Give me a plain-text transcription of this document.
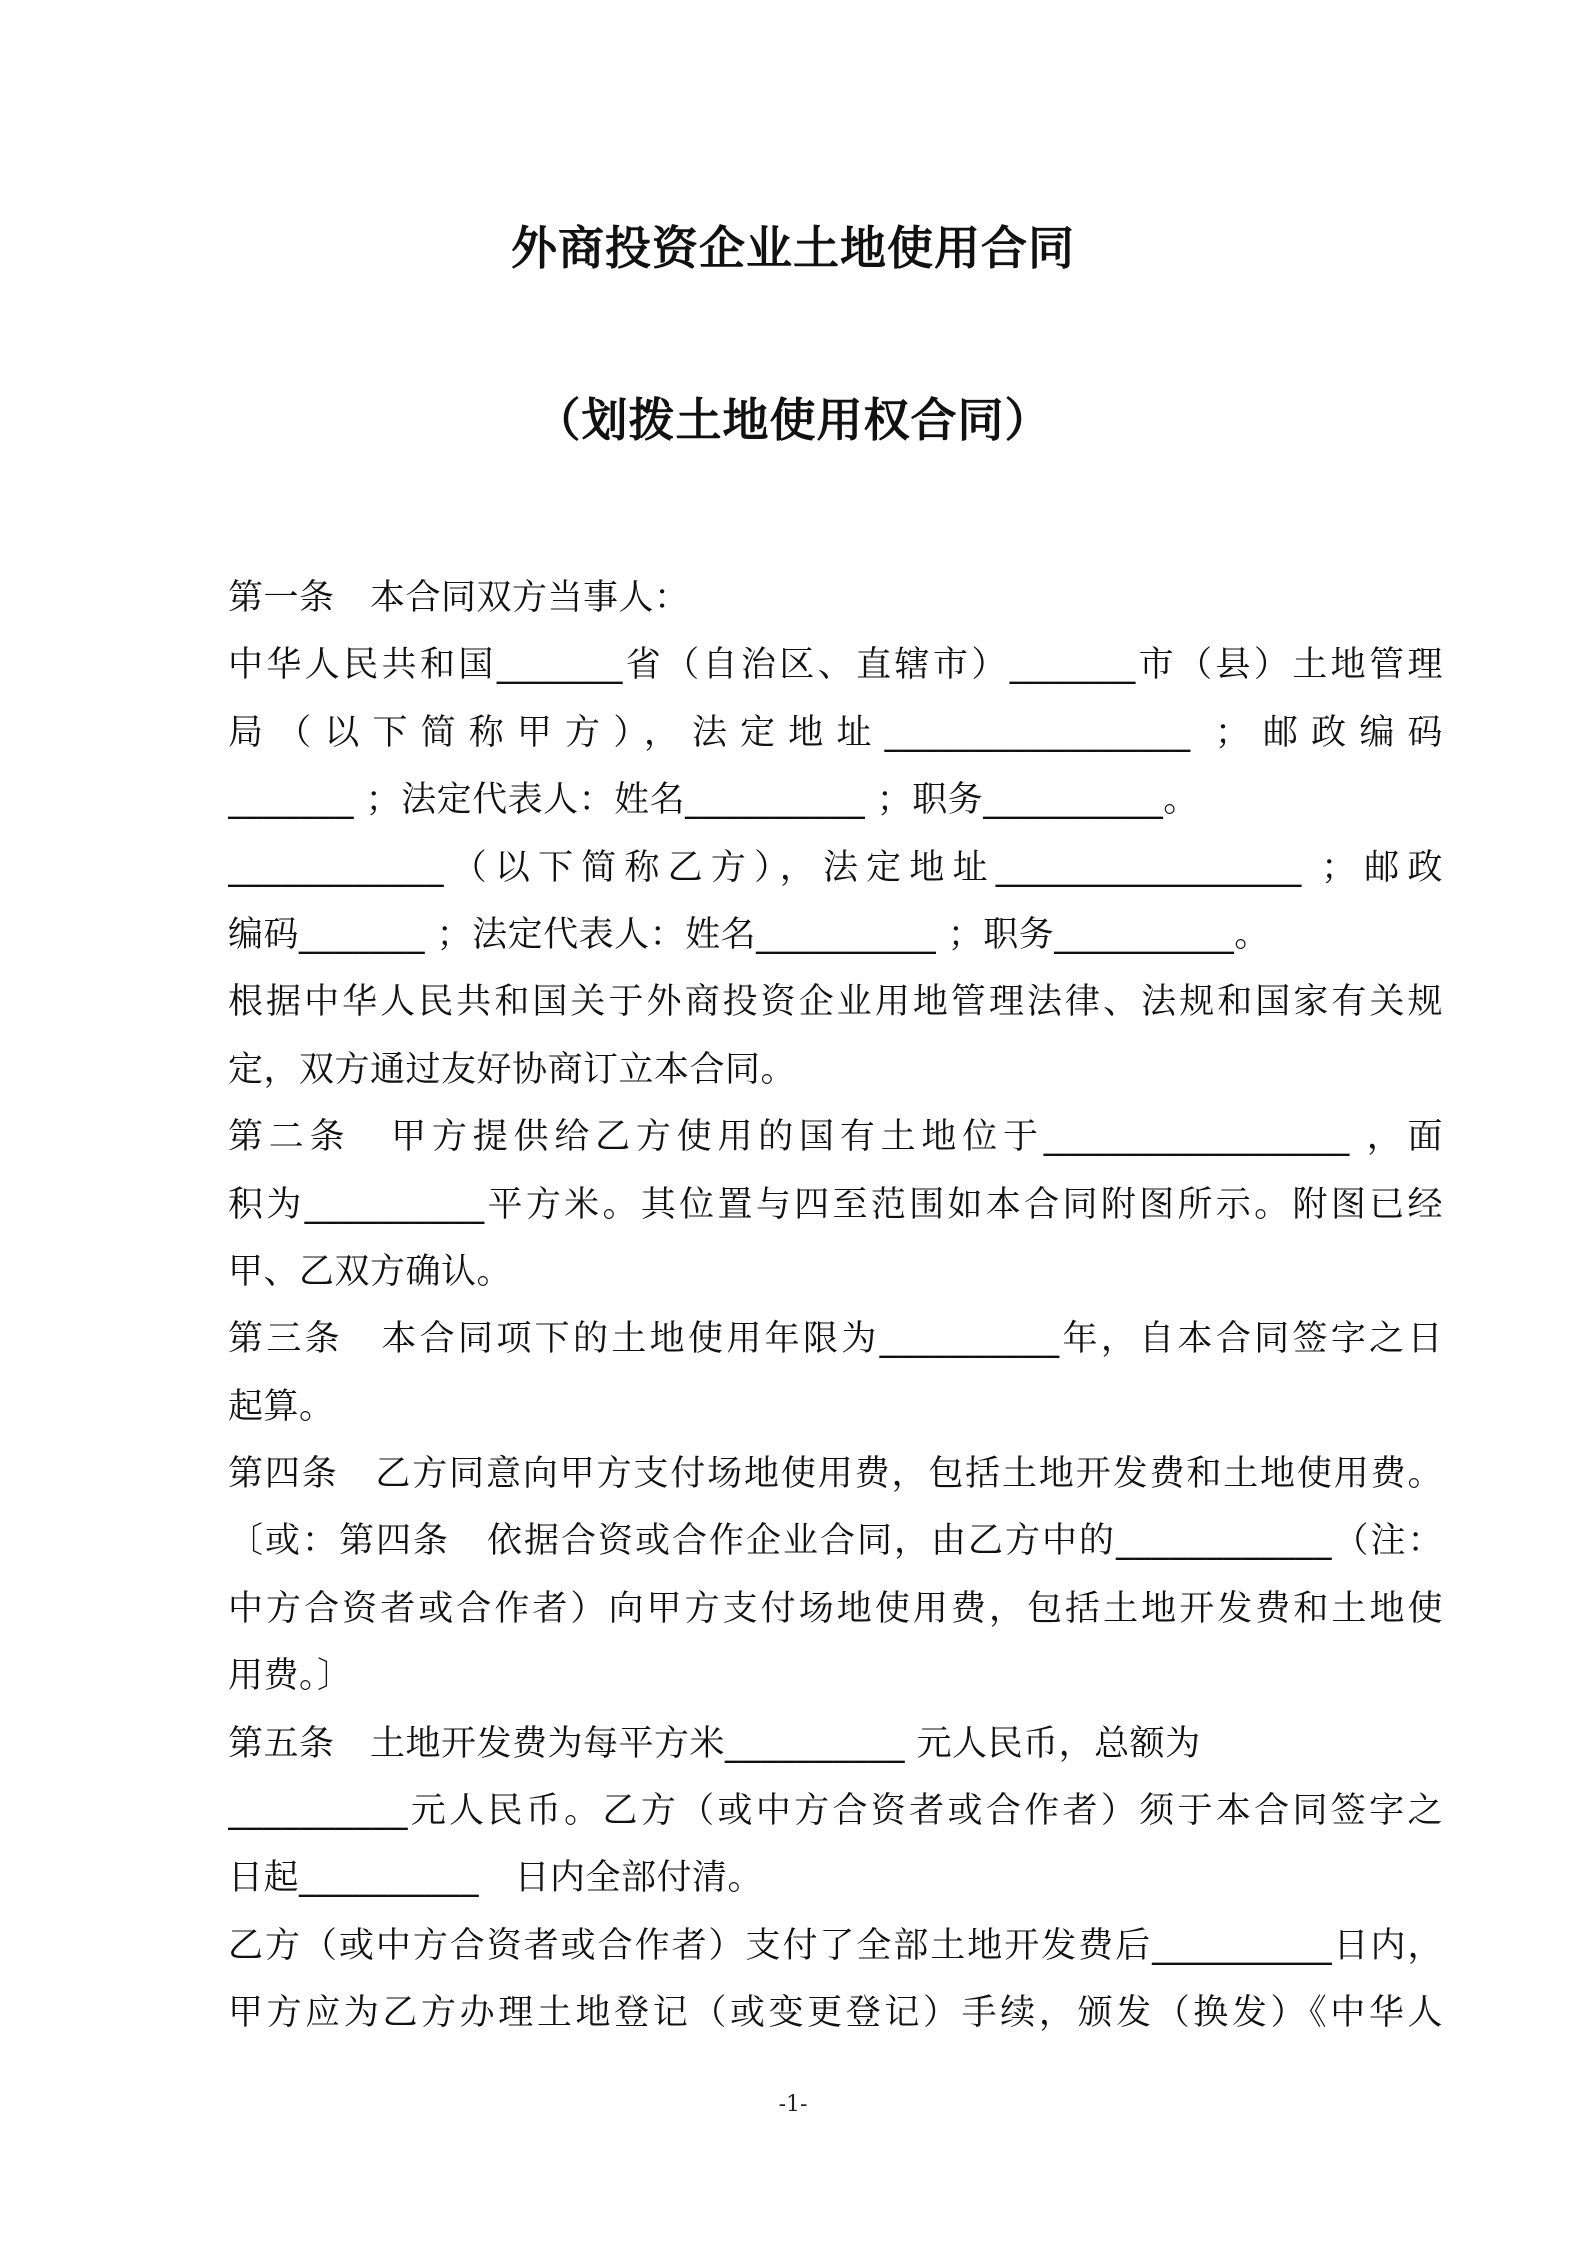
外商投资企业土地使用合同
（划拨土地使用权合同）
第一条　本合同双方当事人：
中华人民共和国_______省（自治区、直辖市）_______市（县）土地管理
局（以下简称甲方），法定地址_________________ ；邮政编码
_______ ；法定代表人：姓名__________ ；职务__________。
____________（以下简称乙方），法定地址_________________ ；邮政
编码_______ ；法定代表人：姓名__________ ；职务__________。
根据中华人民共和国关于外商投资企业用地管理法律、法规和国家有关规
定，双方通过友好协商订立本合同。
第二条　甲方提供给乙方使用的国有土地位于_________________ ，面
积为__________平方米。其位置与四至范围如本合同附图所示。附图已经
甲、乙双方确认。
第三条　本合同项下的土地使用年限为__________年，自本合同签字之日
起算。
第四条　乙方同意向甲方支付场地使用费，包括土地开发费和土地使用费。
〔或：第四条　依据合资或合作企业合同，由乙方中的____________（注：
中方合资者或合作者）向甲方支付场地使用费，包括土地开发费和土地使
用费。〕
第五条　土地开发费为每平方米__________ 元人民币，总额为
__________元人民币。乙方（或中方合资者或合作者）须于本合同签字之
日起__________　日内全部付清。
乙方（或中方合资者或合作者）支付了全部土地开发费后__________日内，
甲方应为乙方办理土地登记（或变更登记）手续，颁发（换发）《中华人
-1-
